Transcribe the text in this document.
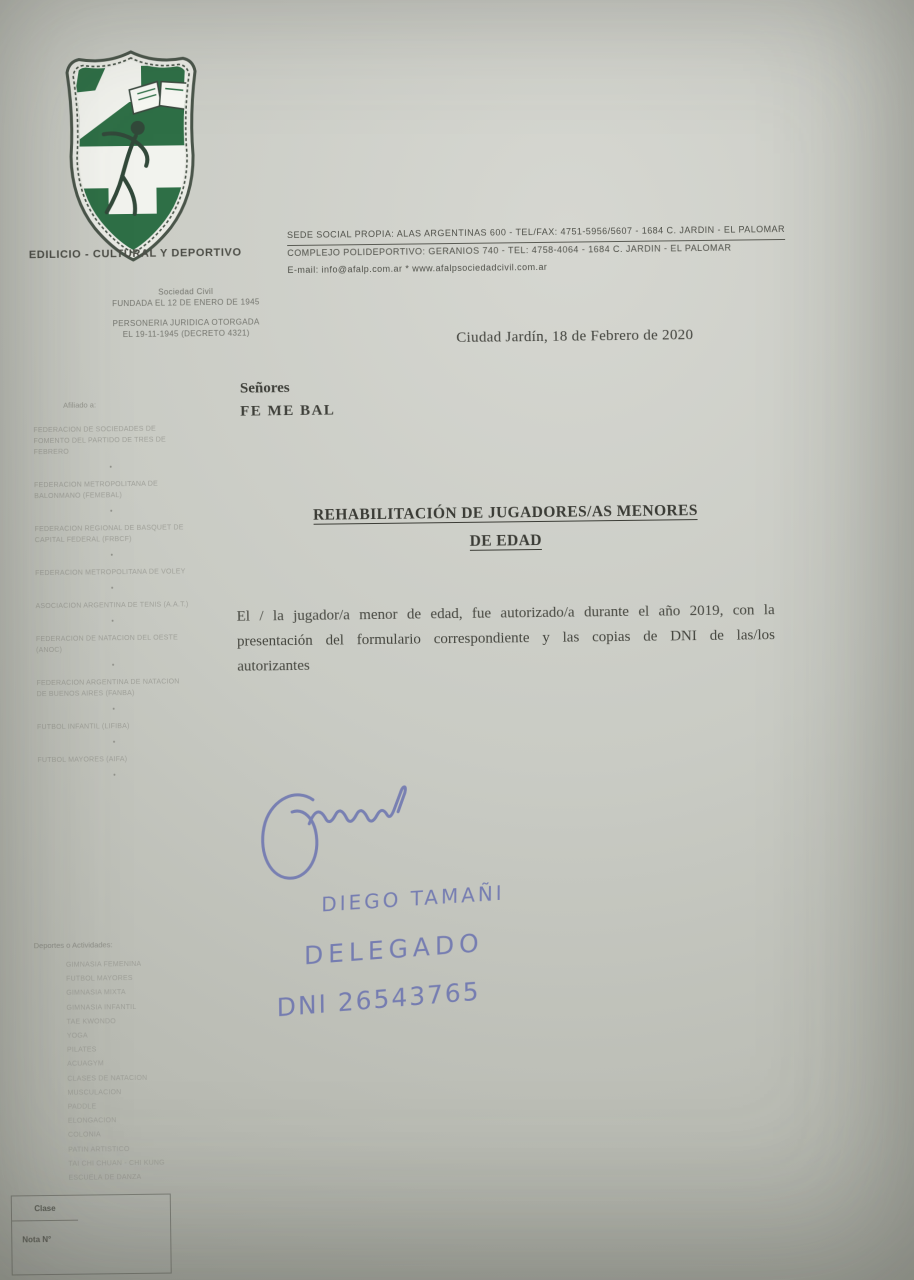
EDILICIO - CULTURAL Y DEPORTIVO
Sociedad Civil
FUNDADA EL 12 DE ENERO DE 1945
PERSONERIA JURIDICA OTORGADA
EL 19-11-1945 (DECRETO 4321)
Afiliado a:
FEDERACION DE SOCIEDADES DE FOMENTO DEL PARTIDO DE TRES DE FEBRERO
•
FEDERACION METROPOLITANA DE BALONMANO (FEMEBAL)
•
FEDERACION REGIONAL DE BASQUET DE CAPITAL FEDERAL (FRBCF)
•
FEDERACION METROPOLITANA DE VOLEY
•
ASOCIACION ARGENTINA DE TENIS (A.A.T.)
•
FEDERACION DE NATACION DEL OESTE (ANOC)
•
FEDERACION ARGENTINA DE NATACION DE BUENOS AIRES (FANBA)
•
FUTBOL INFANTIL (LIFIBA)
•
FUTBOL MAYORES (AIFA)
•
Deportes o Actividades:
GIMNASIA FEMENINA
FUTBOL MAYORES
GIMNASIA MIXTA
GIMNASIA INFANTIL
TAE KWONDO
YOGA
PILATES
ACUAGYM
CLASES DE NATACION
MUSCULACION
PADDLE
ELONGACION
COLONIA
PATIN ARTISTICO
TAI CHI CHUAN - CHI KUNG
ESCUELA DE DANZA
Clase
Nota N°
SEDE SOCIAL PROPIA: ALAS ARGENTINAS 600 - TEL/FAX: 4751-5956/5607 - 1684 C. JARDIN - EL PALOMAR
COMPLEJO POLIDEPORTIVO: GERANIOS 740 - TEL: 4758-4064 - 1684 C. JARDIN - EL PALOMAR
E-mail: info@afalp.com.ar * www.afalpsociedadcivil.com.ar
Ciudad Jardín, 18 de Febrero de 2020
Señores
FE ME BAL
REHABILITACIÓN DE JUGADORES/AS MENORES
DE EDAD
El / la jugador/a menor de edad, fue autorizado/a durante el año 2019, con la presentación del formulario correspondiente y las copias de DNI de las/los autorizantes
DIEGO TAMAÑI
DELEGADO
DNI 26543765
